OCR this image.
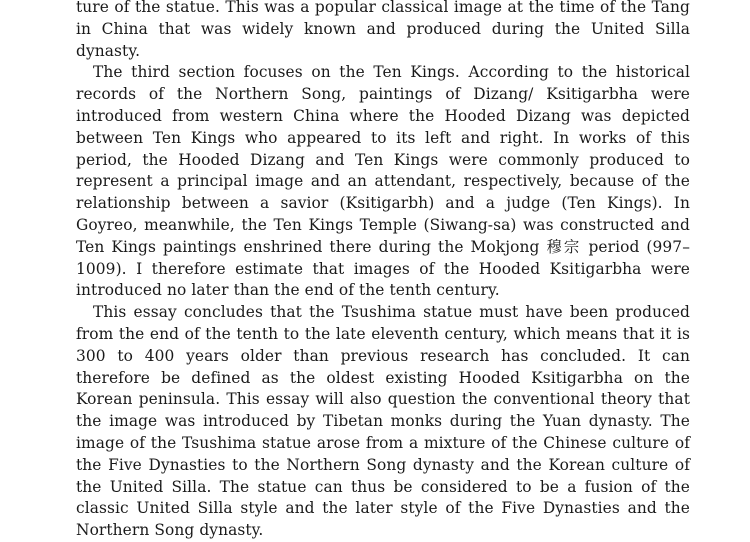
ture of the statue. This was a popular classical image at the time of the Tang in China that was widely known and produced during the United Silla dynasty.

The third section focuses on the Ten Kings. According to the historical records of the Northern Song, paintings of Dizang/ Ksitigarbha were introduced from western China where the Hooded Dizang was depicted between Ten Kings who appeared to its left and right. In works of this period, the Hooded Dizang and Ten Kings were commonly produced to represent a principal image and an attendant, respectively, because of the relationship between a savior (Ksitigarbh) and a judge (Ten Kings). In Goyreo, meanwhile, the Ten Kings Temple (Siwang-sa) was constructed and Ten Kings paintings enshrined there during the Mokjong 穆宗 period (997–1009). I therefore estimate that images of the Hooded Ksitigarbha were introduced no later than the end of the tenth century.

This essay concludes that the Tsushima statue must have been produced from the end of the tenth to the late eleventh century, which means that it is 300 to 400 years older than previous research has concluded. It can therefore be defined as the oldest existing Hooded Ksitigarbha on the Korean peninsula. This essay will also question the conventional theory that the image was introduced by Tibetan monks during the Yuan dynasty. The image of the Tsushima statue arose from a mixture of the Chinese culture of the Five Dynasties to the Northern Song dynasty and the Korean culture of the United Silla. The statue can thus be considered to be a fusion of the classic United Silla style and the later style of the Five Dynasties and the Northern Song dynasty.
